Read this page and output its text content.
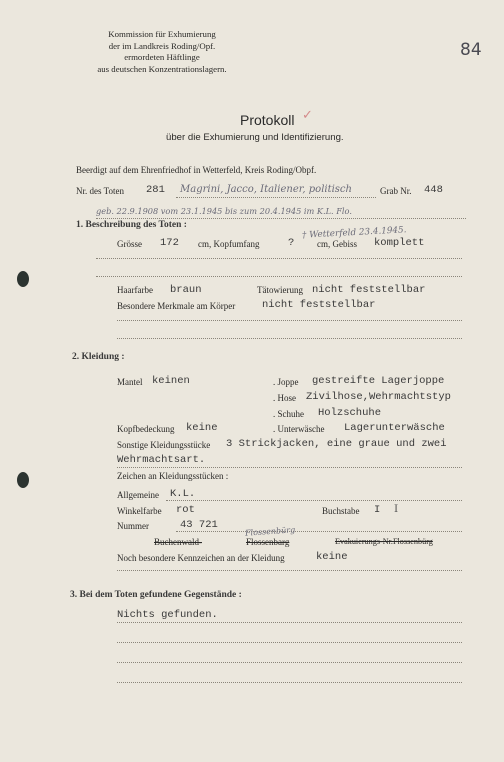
Kommission für Exhumierung
der im Landkreis Roding/Opf.
ermordeten Häftlinge
aus deutschen Konzentrationslagern.
84
Protokoll ✓
über die Exhumierung und Identifizierung.
Beerdigt auf dem Ehrenfriedhof in Wetterfeld, Kreis Roding/Obpf.
Nr. des Toten 281 Magrini, Jacco, Italiener, politisch	Grab Nr. 448
geb. 22.9.1908 vom 23.1.1945 bis zum 20.4.1945 im K.L. Flo.
1. Beschreibung des Toten :
† Wetterfeld 23.4.1945.
Grösse 172 cm, Kopfumfang	?	cm, Gebiss komplett
Haarfarbe braun	Tätowierung nicht feststellbar
Besondere Merkmale am Körper	nicht feststellbar
2. Kleidung :
Mantel keinen	. Joppe gestreifte Lagerjoppe
. Hose Zivilhose,Wehrmachtstyp
. Schuhe Holzschuhe
Kopfbedeckung keine	. Unterwäsche Lagerunterwäsche
Sonstige Kleidungsstücke 3 Strickjacken, eine graue und zwei
Wehrmachtsart.
Zeichen an Kleidungsstücken :
Allgemeine K.L.
Winkelfarbe rot	Buchstabe I I
Nummer	43 721
Flossenbürg
Buchenwald-	Flossenbarg	Evakuierungs-Nr.Flossenbürg
Noch besondere Kennzeichen an der Kleidung	keine
3. Bei dem Toten gefundene Gegenstände :
Nichts gefunden.
